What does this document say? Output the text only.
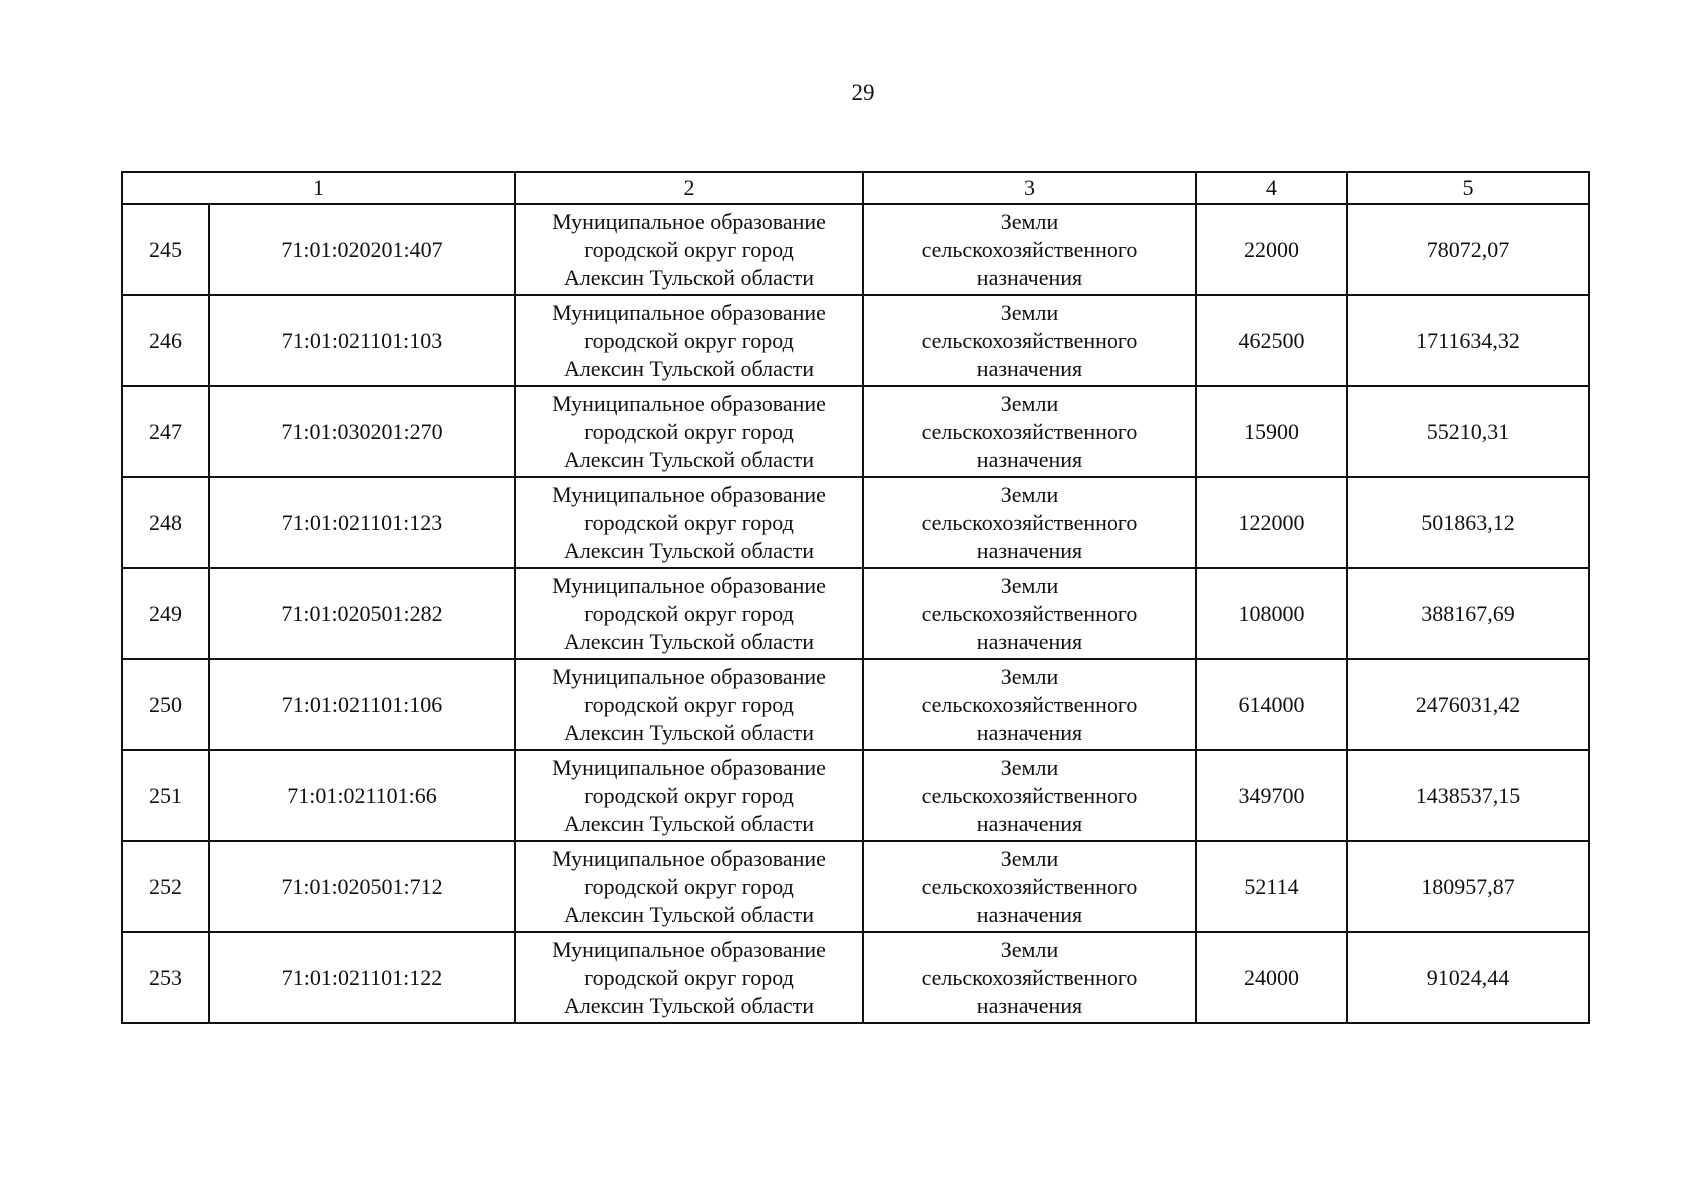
29
1		2	3	4	5
245	71:01:020201:407	Муниципальное образование
городской округ город
Алексин Тульской области	Земли
сельскохозяйственного
назначения	22000	78072,07
246	71:01:021101:103	Муниципальное образование
городской округ город
Алексин Тульской области	Земли
сельскохозяйственного
назначения	462500	1711634,32
247	71:01:030201:270	Муниципальное образование
городской округ город
Алексин Тульской области	Земли
сельскохозяйственного
назначения	15900	55210,31
248	71:01:021101:123	Муниципальное образование
городской округ город
Алексин Тульской области	Земли
сельскохозяйственного
назначения	122000	501863,12
249	71:01:020501:282	Муниципальное образование
городской округ город
Алексин Тульской области	Земли
сельскохозяйственного
назначения	108000	388167,69
250	71:01:021101:106	Муниципальное образование
городской округ город
Алексин Тульской области	Земли
сельскохозяйственного
назначения	614000	2476031,42
251	71:01:021101:66	Муниципальное образование
городской округ город
Алексин Тульской области	Земли
сельскохозяйственного
назначения	349700	1438537,15
252	71:01:020501:712	Муниципальное образование
городской округ город
Алексин Тульской области	Земли
сельскохозяйственного
назначения	52114	180957,87
253	71:01:021101:122	Муниципальное образование
городской округ город
Алексин Тульской области	Земли
сельскохозяйственного
назначения	24000	91024,44
